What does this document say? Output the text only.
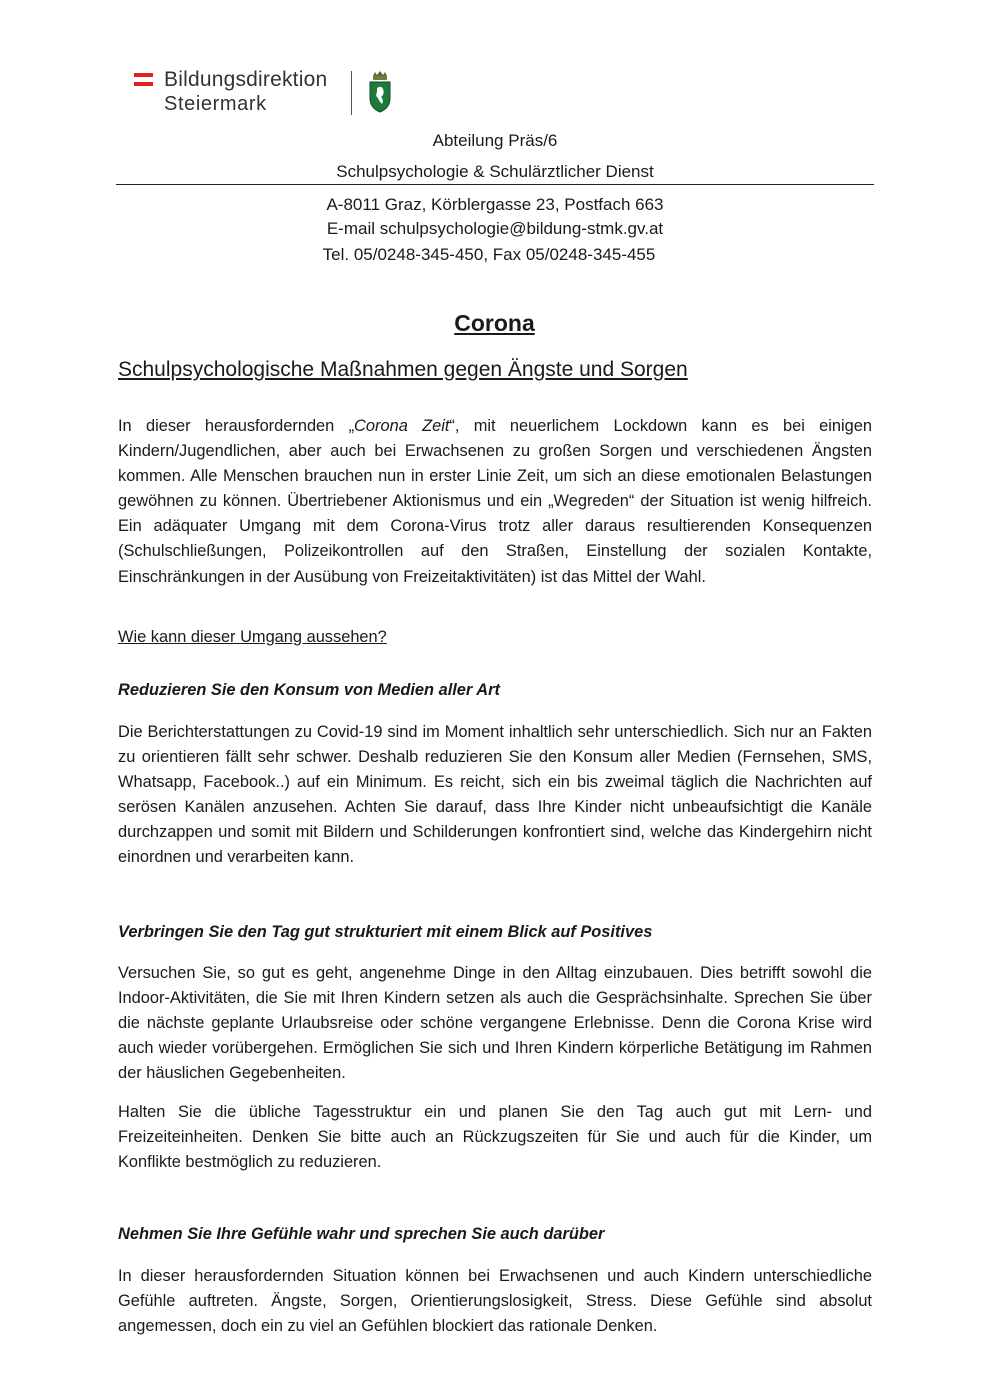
Bildungsdirektion
Steiermark
Abteilung Präs/6
Schulpsychologie & Schulärztlicher Dienst
A-8011 Graz, Körblergasse 23, Postfach 663
E-mail schulpsychologie@bildung-stmk.gv.at
Tel. 05/0248-345-450, Fax 05/0248-345-455
Corona
Schulpsychologische Maßnahmen gegen Ängste und Sorgen

In dieser herausfordernden „Corona Zeit“, mit neuerlichem Lockdown kann es bei einigen Kindern/Jugendlichen, aber auch bei Erwachsenen zu großen Sorgen und verschiedenen Ängsten kommen. Alle Menschen brauchen nun in erster Linie Zeit, um sich an diese emotionalen Belastungen gewöhnen zu können. Übertriebener Aktionismus und ein „Wegreden“ der Situation ist wenig hilfreich. Ein adäquater Umgang mit dem Corona-Virus trotz aller daraus resultierenden Konsequenzen (Schulschließungen, Polizeikontrollen auf den Straßen, Einstellung der sozialen Kontakte, Einschränkungen in der Ausübung von Freizeitaktivitäten) ist das Mittel der Wahl.

Wie kann dieser Umgang aussehen?
Reduzieren Sie den Konsum von Medien aller Art

Die Berichterstattungen zu Covid-19 sind im Moment inhaltlich sehr unterschiedlich. Sich nur an Fakten zu orientieren fällt sehr schwer. Deshalb reduzieren Sie den Konsum aller Medien (Fernsehen, SMS, Whatsapp, Facebook..) auf ein Minimum. Es reicht, sich ein bis zweimal täglich die Nachrichten auf serösen Kanälen anzusehen. Achten Sie darauf, dass Ihre Kinder nicht unbeaufsichtigt die Kanäle durchzappen und somit mit Bildern und Schilderungen konfrontiert sind, welche das Kindergehirn nicht einordnen und verarbeiten kann.

Verbringen Sie den Tag gut strukturiert mit einem Blick auf Positives

Versuchen Sie, so gut es geht, angenehme Dinge in den Alltag einzubauen. Dies betrifft sowohl die Indoor-Aktivitäten, die Sie mit Ihren Kindern setzen als auch die Gesprächsinhalte. Sprechen Sie über die nächste geplante Urlaubsreise oder schöne vergangene Erlebnisse. Denn die Corona Krise wird auch wieder vorübergehen. Ermöglichen Sie sich und Ihren Kindern körperliche Betätigung im Rahmen der häuslichen Gegebenheiten.

Halten Sie die übliche Tagesstruktur ein und planen Sie den Tag auch gut mit Lern- und Freizeiteinheiten. Denken Sie bitte auch an Rückzugszeiten für Sie und auch für die Kinder, um Konflikte bestmöglich zu reduzieren.

Nehmen Sie Ihre Gefühle wahr und sprechen Sie auch darüber

In dieser herausfordernden Situation können bei Erwachsenen und auch Kindern unterschiedliche Gefühle auftreten. Ängste, Sorgen, Orientierungslosigkeit, Stress. Diese Gefühle sind absolut angemessen, doch ein zu viel an Gefühlen blockiert das rationale Denken.
